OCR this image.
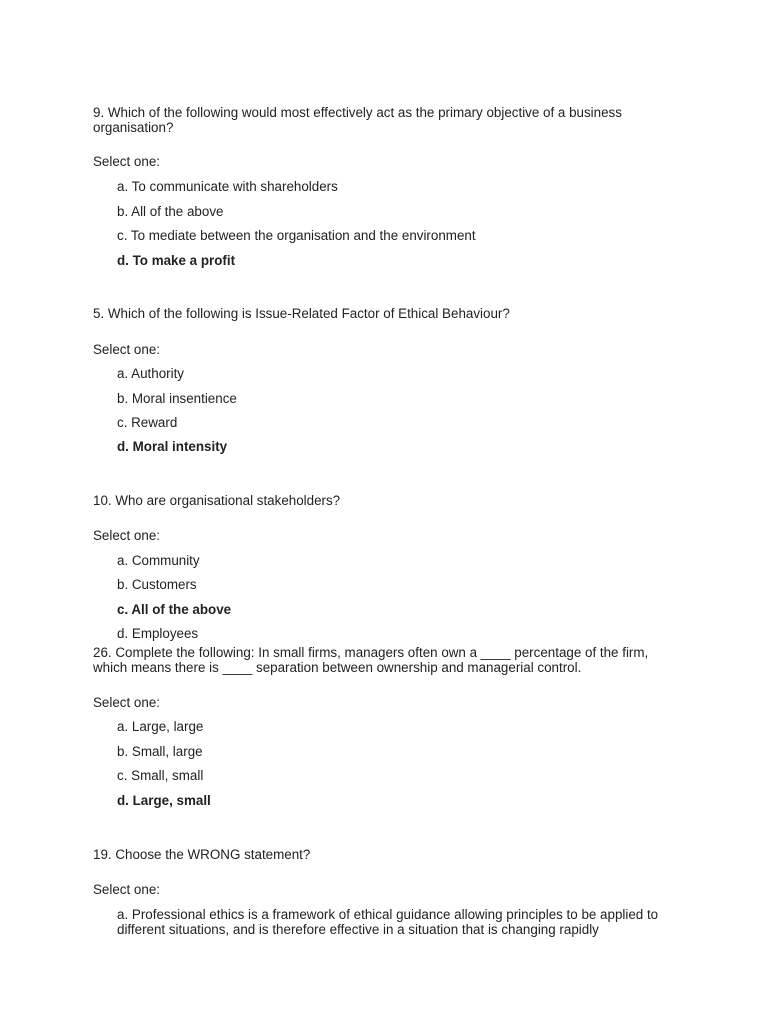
9. Which of the following would most effectively act as the primary objective of a business organisation?

Select one:

a. To communicate with shareholders

b. All of the above

c. To mediate between the organisation and the environment

d. To make a profit

5. Which of the following is Issue-Related Factor of Ethical Behaviour?

Select one:

a. Authority

b. Moral insentience

c. Reward

d. Moral intensity

10. Who are organisational stakeholders?

Select one:

a. Community

b. Customers

c. All of the above

d. Employees

26. Complete the following: In small firms, managers often own a ____ percentage of the firm, which means there is ____ separation between ownership and managerial control.

Select one:

a. Large, large

b. Small, large

c. Small, small

d. Large, small

19. Choose the WRONG statement?

Select one:

a. Professional ethics is a framework of ethical guidance allowing principles to be applied to different situations, and is therefore effective in a situation that is changing rapidly
